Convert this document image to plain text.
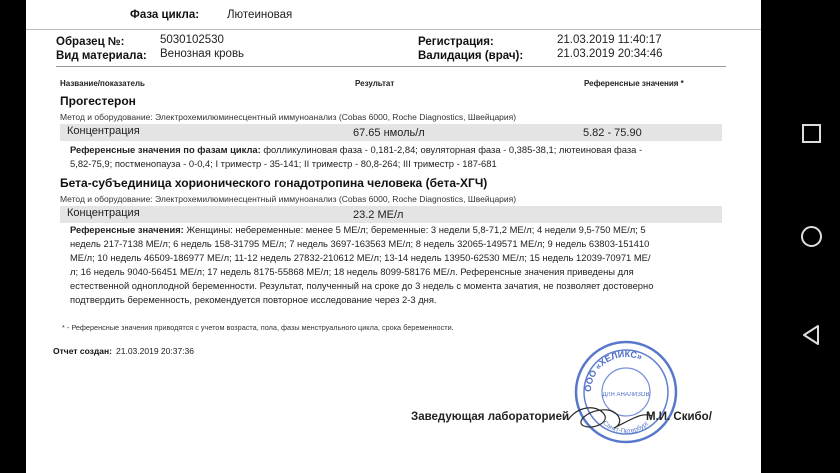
Фаза цикла: Лютеиновая
Образец №:	5030102530
Вид материала: Венозная кровь
Регистрация:	21.03.2019 11:40:17
Валидация (врач):	21.03.2019 20:34:46
Название/показатель	Результат	Референсные значения *
Прогестерон
Метод и оборудование: Электрохемилюминесцентный иммуноанализ (Cobas 6000, Roche Diagnostics, Швейцария)
Концентрация	67.65 нмоль/л	5.82 - 75.90
Референсные значения по фазам цикла: фолликулиновая фаза - 0,181-2,84; овуляторная фаза - 0,385-38,1; лютеиновая фаза - 5,82-75,9; постменопауза - 0-0,4; I триместр - 35-141; II триместр - 80,8-264; III триместр - 187-681
Бета-субъединица хорионического гонадотропина человека (бета-ХГЧ)
Метод и оборудование: Электрохемилюминесцентный иммуноанализ (Cobas 6000, Roche Diagnostics, Швейцария)
Концентрация	23.2 МЕ/л
Референсные значения: Женщины: небеременные: менее 5 МЕ/л; беременные: 3 недели 5,8-71,2 МЕ/л; 4 недели 9,5-750 МЕ/л; 5 недель 217-7138 МЕ/л; 6 недель 158-31795 МЕ/л; 7 недель 3697-163563 МЕ/л; 8 недель 32065-149571 МЕ/л; 9 недель 63803-151410 МЕ/л; 10 недель 46509-186977 МЕ/л; 11-12 недель 27832-210612 МЕ/л; 13-14 недель 13950-62530 МЕ/л; 15 недель 12039-70971 МЕ/л; 16 недель 9040-56451 МЕ/л; 17 недель 8175-55868 МЕ/л; 18 недель 8099-58176 МЕ/л. Референсные значения приведены для естественной одноплодной беременности. Результат, полученный на сроке до 3 недель с момента зачатия, не позволяет достоверно подтвердить беременность, рекомендуется повторное исследование через 2-3 дня.
* - Референсные значения приводятся с учетом возраста, пола, фазы менструального цикла, срока беременности.
Отчет создан: 21.03.2019 20:37:36
ООО «ХЕЛИКС»
ДЛЯ АНАЛИЗОВ
Санкт-Петербург
Заведующая лабораторией	М.И. Скибо/
